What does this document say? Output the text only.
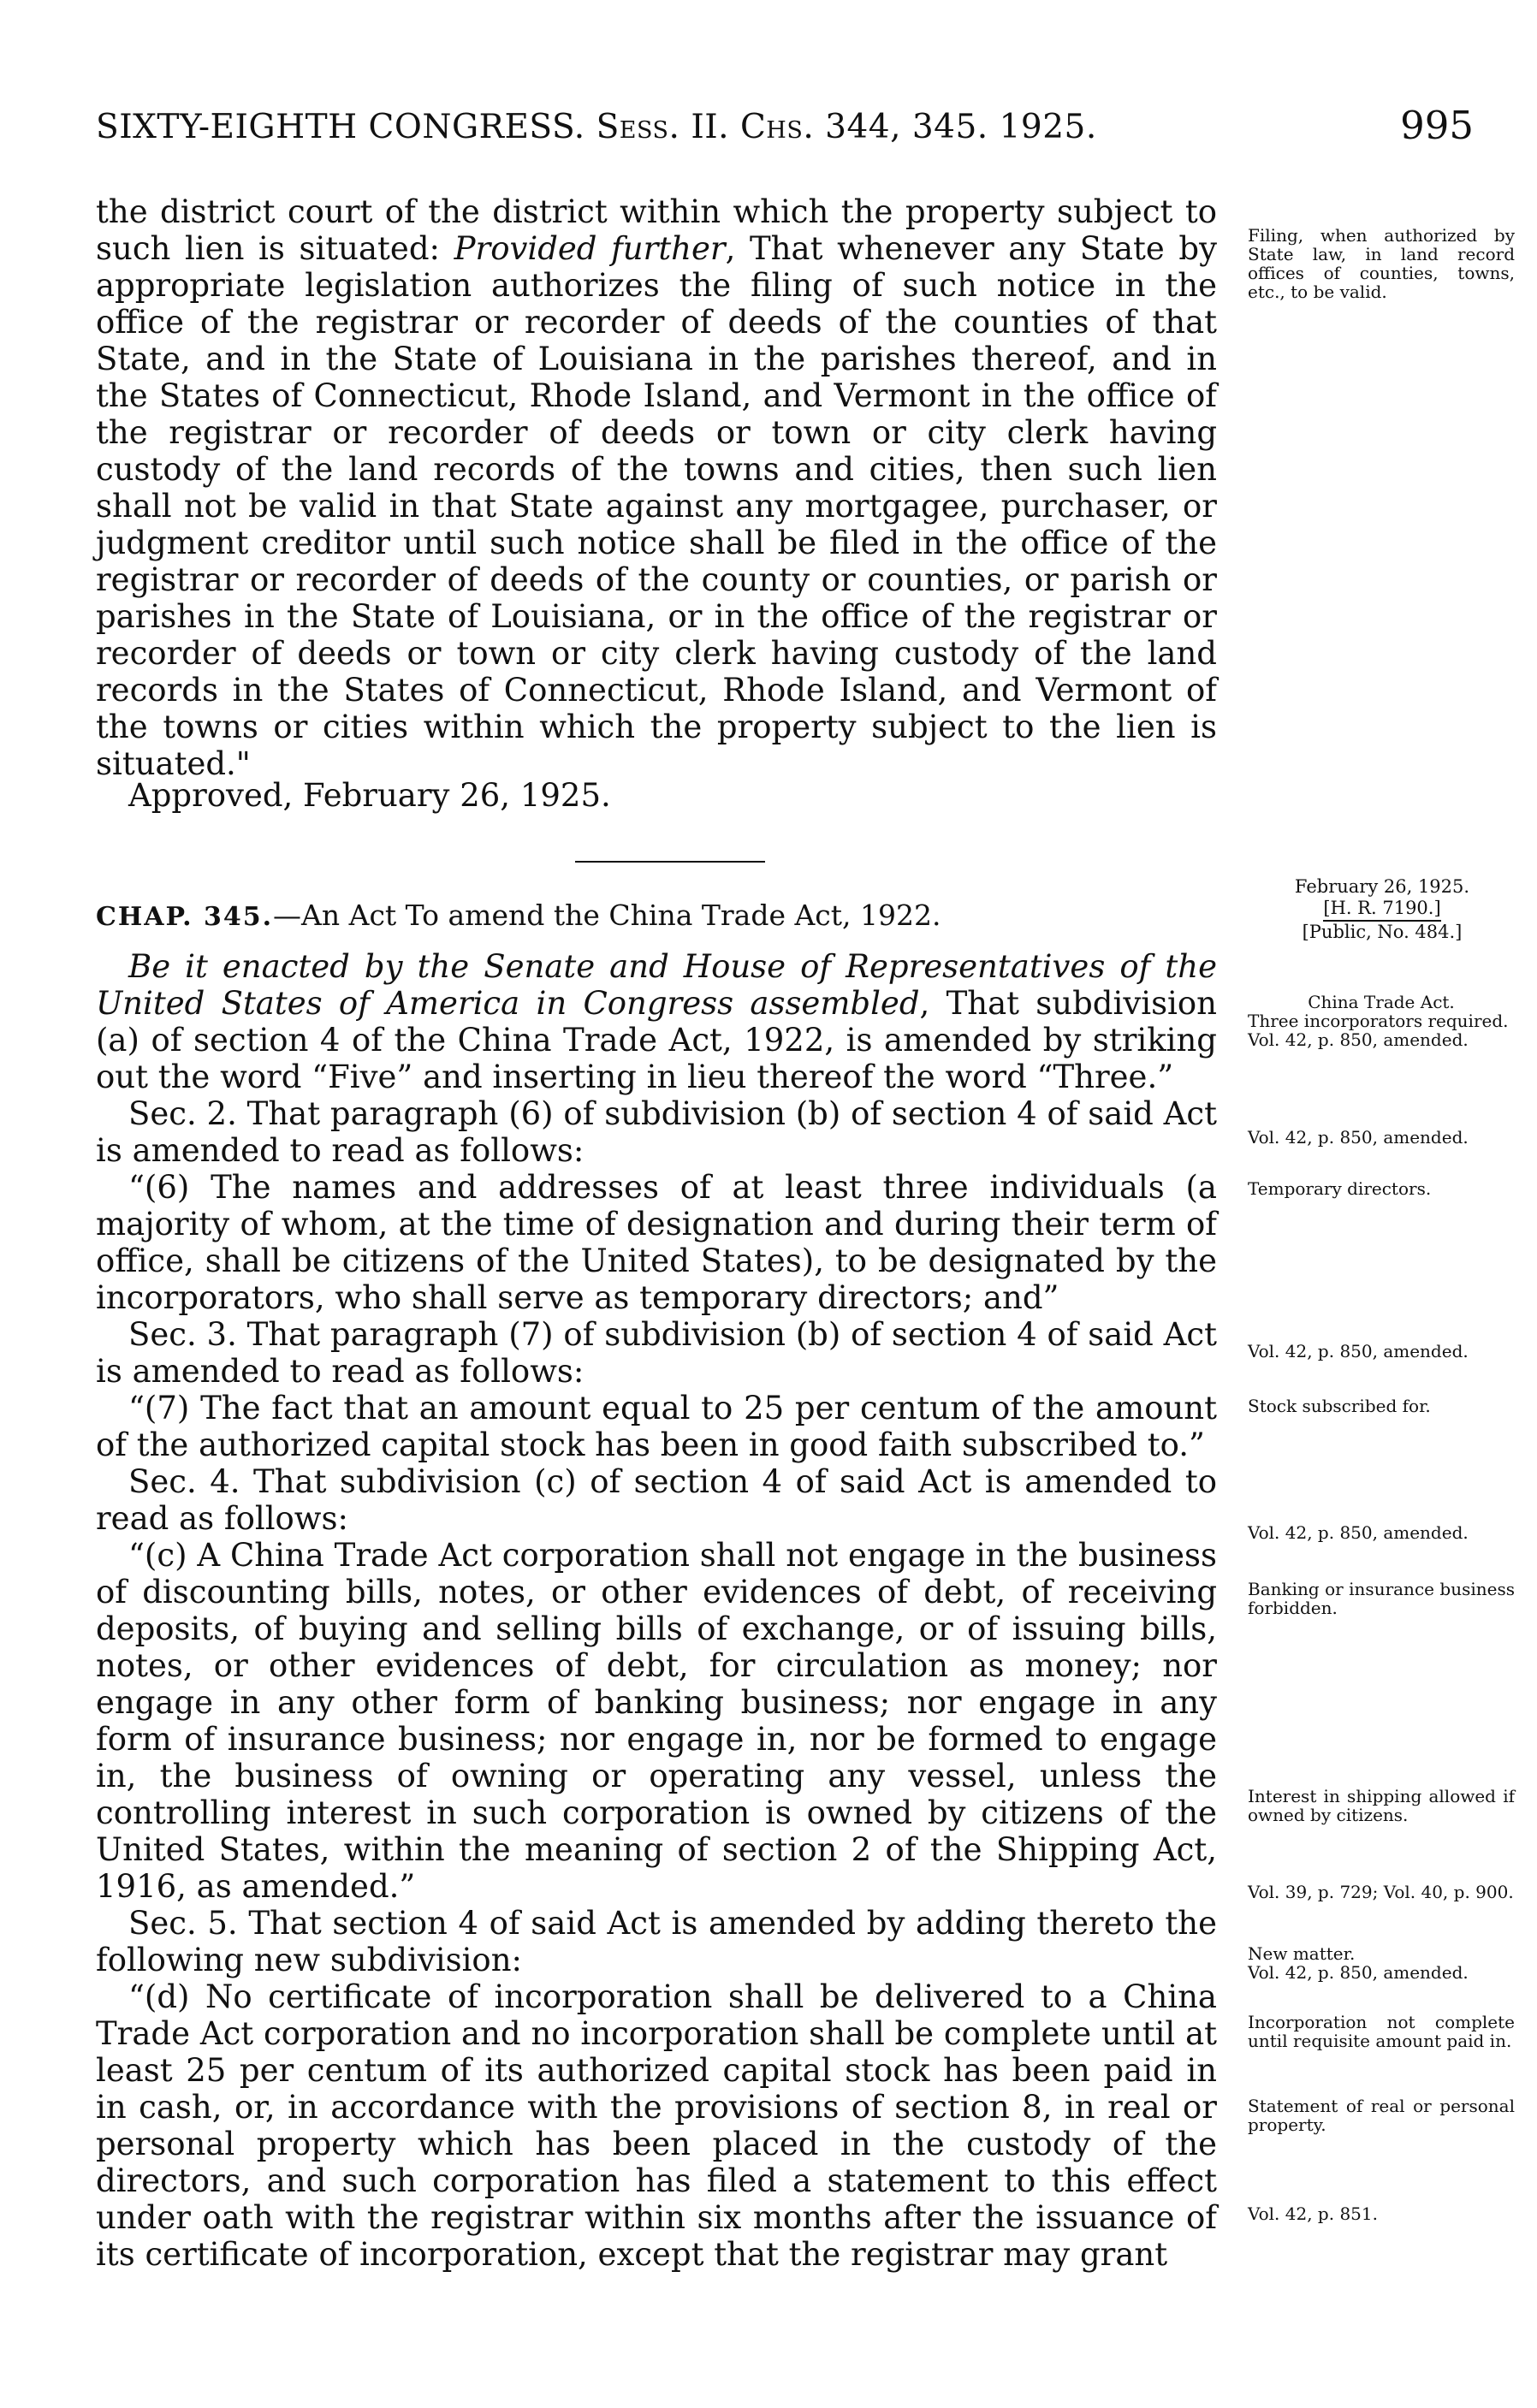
SIXTY-EIGHTH CONGRESS. Sess. II. Chs. 344, 345. 1925.	995

the district court of the district within which the property subject to such lien is situated: Provided further, That whenever any State by appropriate legislation authorizes the filing of such notice in the office of the registrar or recorder of deeds of the counties of that State, and in the State of Louisiana in the parishes thereof, and in the States of Connecticut, Rhode Island, and Vermont in the office of the registrar or recorder of deeds or town or city clerk having custody of the land records of the towns and cities, then such lien shall not be valid in that State against any mortgagee, purchaser, or judgment creditor until such notice shall be filed in the office of the registrar or recorder of deeds of the county or counties, or parish or parishes in the State of Louisiana, or in the office of the registrar or recorder of deeds or town or city clerk having custody of the land records in the States of Connecticut, Rhode Island, and Vermont of the towns or cities within which the property subject to the lien is situated."

Approved, February 26, 1925.
CHAP. 345.—An Act To amend the China Trade Act, 1922.
February 26, 1925.
[H. R. 7190.]
[Public, No. 484.]

Be it enacted by the Senate and House of Representatives of the United States of America in Congress assembled, That subdivision (a) of section 4 of the China Trade Act, 1922, is amended by striking out the word “Five” and inserting in lieu thereof the word “Three.”

Sec. 2. That paragraph (6) of subdivision (b) of section 4 of said Act is amended to read as follows:

“(6) The names and addresses of at least three individuals (a majority of whom, at the time of designation and during their term of office, shall be citizens of the United States), to be designated by the incorporators, who shall serve as temporary directors; and”

Sec. 3. That paragraph (7) of subdivision (b) of section 4 of said Act is amended to read as follows:

“(7) The fact that an amount equal to 25 per centum of the amount of the authorized capital stock has been in good faith subscribed to.”

Sec. 4. That subdivision (c) of section 4 of said Act is amended to read as follows:

“(c) A China Trade Act corporation shall not engage in the business of discounting bills, notes, or other evidences of debt, of receiving deposits, of buying and selling bills of exchange, or of issuing bills, notes, or other evidences of debt, for circulation as money; nor engage in any other form of banking business; nor engage in any form of insurance business; nor engage in, nor be formed to engage in, the business of owning or operating any vessel, unless the controlling interest in such corporation is owned by citizens of the United States, within the meaning of section 2 of the Shipping Act, 1916, as amended.”

Sec. 5. That section 4 of said Act is amended by adding thereto the following new subdivision:

“(d) No certificate of incorporation shall be delivered to a China Trade Act corporation and no incorporation shall be complete until at least 25 per centum of its authorized capital stock has been paid in in cash, or, in accordance with the provisions of section 8, in real or personal property which has been placed in the custody of the directors, and such corporation has filed a statement to this effect under oath with the registrar within six months after the issuance of its certificate of incorporation, except that the registrar may grant

Filing, when authorized by State law, in land record offices of counties, towns, etc., to be valid.
China Trade Act.
Three incorporators required.
Vol. 42, p. 850, amended.
Vol. 42, p. 850, amended.
Temporary directors.
Vol. 42, p. 850, amended.
Stock subscribed for.
Vol. 42, p. 850, amended.
Banking or insurance business forbidden.
Interest in shipping allowed if owned by citizens.
Vol. 39, p. 729; Vol. 40, p. 900.
New matter.
Vol. 42, p. 850, amended.
Incorporation not complete until requisite amount paid in.
Statement of real or personal property.
Vol. 42, p. 851.
